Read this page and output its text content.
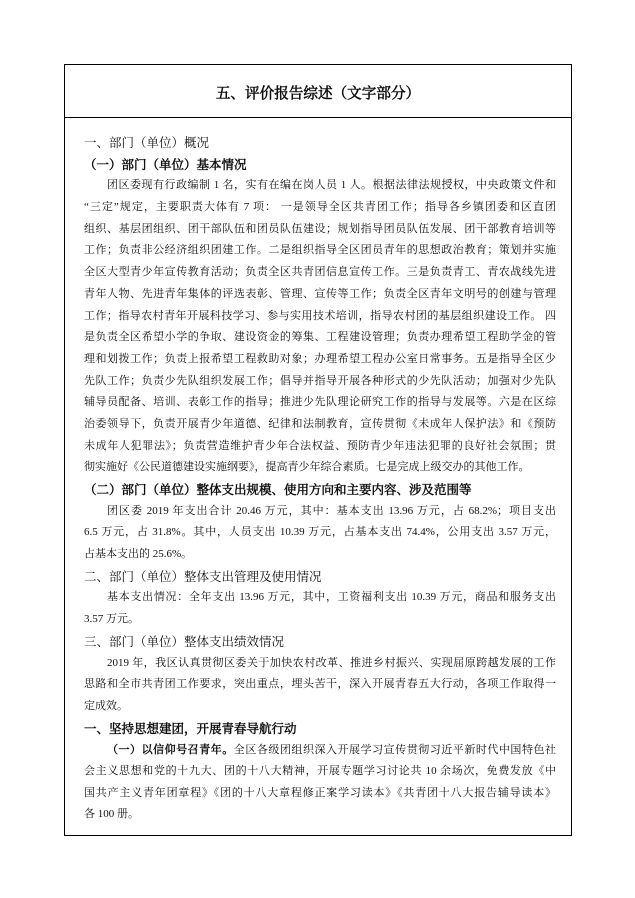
五、评价报告综述（文字部分）
一、部门（单位）概况
（一）部门（单位）基本情况
团区委现有行政编制 1 名，实有在编在岗人员 1 人。根据法律法规授权，中央政策文件和
“三定”规定，主要职责大体有 7 项： 一是领导全区共青团工作；指导各乡镇团委和区直团
组织、基层团组织、团干部队伍和团员队伍建设；规划指导团员队伍发展、团干部教育培训等
工作；负责非公经济组织团建工作。二是组织指导全区团员青年的思想政治教育；策划并实施
全区大型青少年宣传教育活动；负责全区共青团信息宣传工作。三是负责青工、青农战线先进
青年人物、先进青年集体的评选表彰、管理、宣传等工作；负责全区青年文明号的创建与管理
工作；指导农村青年开展科技学习、参与实用技术培训，指导农村团的基层组织建设工作。 四
是负责全区希望小学的争取、建设资金的筹集、工程建设管理；负责办理希望工程助学金的管
理和划拨工作；负责上报希望工程救助对象；办理希望工程办公室日常事务。五是指导全区少
先队工作；负责少先队组织发展工作；倡导并指导开展各种形式的少先队活动；加强对少先队
辅导员配备、培训、表彰工作的指导；推进少先队理论研究工作的指导与发展等。六是在区综
治委领导下，负责开展青少年道德、纪律和法制教育，宣传贯彻《未成年人保护法》和《预防
未成年人犯罪法》；负责营造维护青少年合法权益、预防青少年违法犯罪的良好社会氛围；贯
彻实施好《公民道德建设实施纲要》，提高青少年综合素质。七是完成上级交办的其他工作。
（二）部门（单位）整体支出规模、使用方向和主要内容、涉及范围等
团区委 2019 年支出合计 20.46 万元，其中：基本支出 13.96 万元，占 68.2%；项目支出
6.5 万元，占 31.8%。其中，人员支出 10.39 万元，占基本支出 74.4%，公用支出 3.57 万元，
占基本支出的 25.6%。
二、部门（单位）整体支出管理及使用情况
基本支出情况：全年支出 13.96 万元，其中，工资福利支出 10.39 万元，商品和服务支出
3.57 万元。
三、部门（单位）整体支出绩效情况
2019 年，我区认真贯彻区委关于加快农村改革、推进乡村振兴、实现屈原跨越发展的工作
思路和全市共青团工作要求，突出重点，埋头苦干，深入开展青春五大行动，各项工作取得一
定成效。
一、坚持思想建团，开展青春导航行动
（一）以信仰号召青年。全区各级团组织深入开展学习宣传贯彻习近平新时代中国特色社
会主义思想和党的十九大、团的十八大精神，开展专题学习讨论共 10 余场次，免费发放《中
国共产主义青年团章程》《团的十八大章程修正案学习读本》《共青团十八大报告辅导读本》
各 100 册。
